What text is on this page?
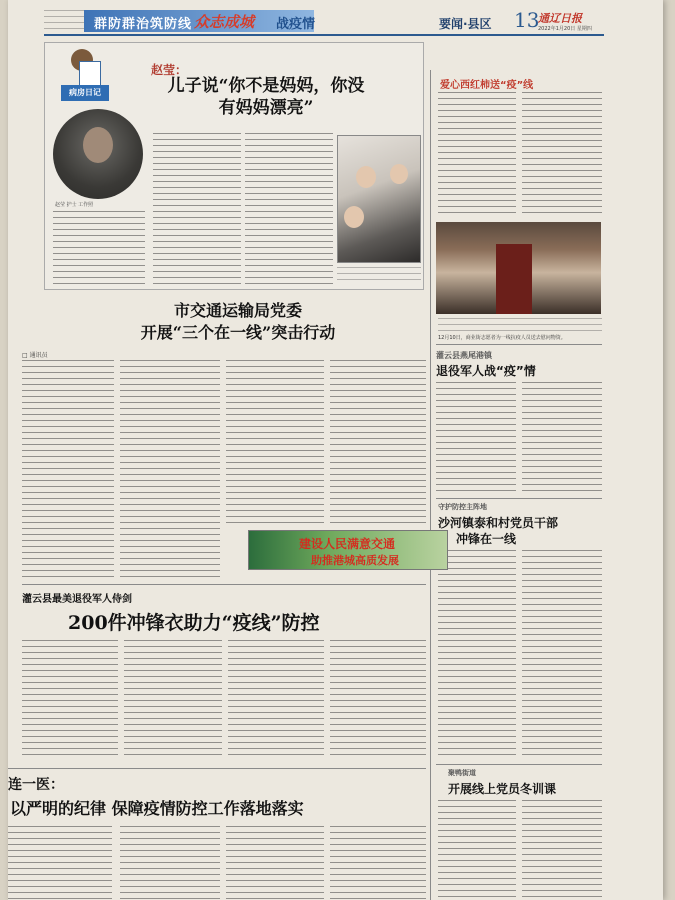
群防群治筑防线 众志成城 战疫情	要闻·县区 13
通辽日报
2022年1月20日 星期四
病房日记
赵莹：
儿子说“你不是妈妈，你没
有妈妈漂亮”
赵莹 护士 工作照
爱心西红柿送“疫”线
12月10日，商业街志愿者为一线抗疫人员送去慰问物资。
灌云县燕尾港镇
退役军人战“疫”情
守护防控主阵地
沙河镇泰和村党员干部
冲锋在一线
聚鸭街道
开展线上党员冬训课
市交通运输局党委
开展“三个在一线”突击行动
□ 通讯员
建设人民满意交通
助推港城高质发展
灌云县最美退役军人侍剑
200件冲锋衣助力“疫线”防控
连一医：
以严明的纪律 保障疫情防控工作落地落实
